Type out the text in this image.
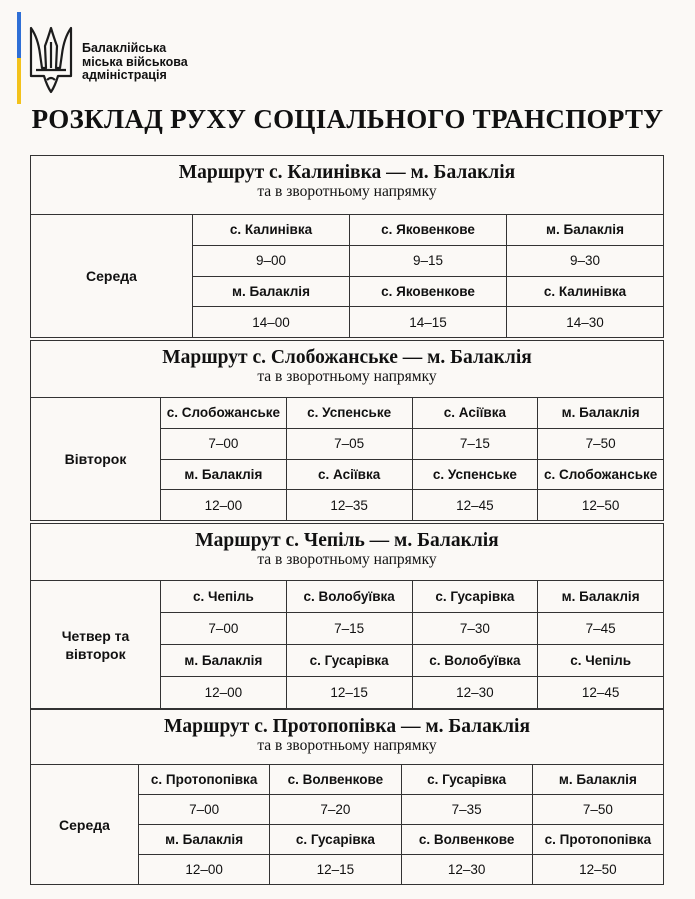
Балаклійська
міська військова
адміністрація
РОЗКЛАД РУХУ СОЦІАЛЬНОГО ТРАНСПОРТУ
Маршрут с. Калинівка — м. Балаклія
та в зворотньому напрямку
Середа
с. Калинівка	с. Яковенкове	м. Балаклія
9–00	9–15	9–30
м. Балаклія	с. Яковенкове	с. Калинівка
14–00	14–15	14–30
Маршрут с. Слобожанське — м. Балаклія
та в зворотньому напрямку
Вівторок
с. Слобожанське	с. Успенське	с. Асіївка	м. Балаклія
7–00	7–05	7–15	7–50
м. Балаклія	с. Асіївка	с. Успенське	с. Слобожанське
12–00	12–35	12–45	12–50
Маршрут с. Чепіль — м. Балаклія
та в зворотньому напрямку
Четвер та
вівторок
с. Чепіль	с. Волобуївка	с. Гусарівка	м. Балаклія
7–00	7–15	7–30	7–45
м. Балаклія	с. Гусарівка	с. Волобуївка	с. Чепіль
12–00	12–15	12–30	12–45
Маршрут с. Протопопівка — м. Балаклія
та в зворотньому напрямку
Середа
с. Протопопівка	с. Волвенкове	с. Гусарівка	м. Балаклія
7–00	7–20	7–35	7–50
м. Балаклія	с. Гусарівка	с. Волвенкове	с. Протопопівка
12–00	12–15	12–30	12–50
